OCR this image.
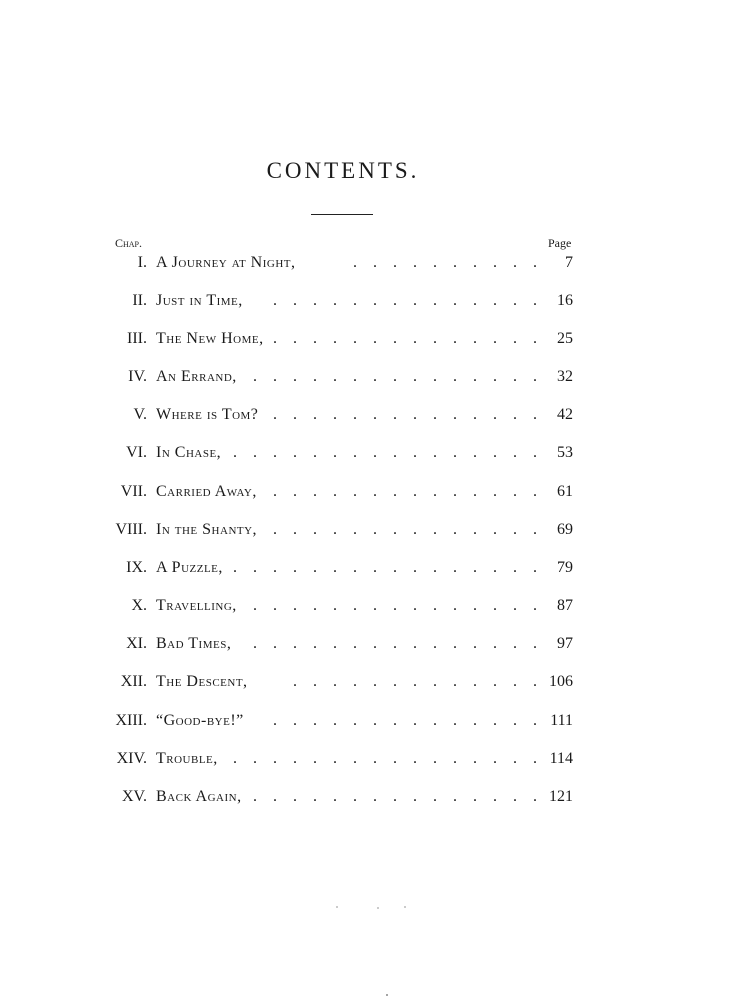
CONTENTS.
Chap.	Page
I. A Journey at Night,	. . . . . . . . . . 7
II. Just in Time, . . . . . . . . . . . . . . 16
III. The New Home, . . . . . . . . . . . . . . 25
IV. An Errand, . . . . . . . . . . . . . . . 32
V. Where is Tom? . . . . . . . . . . . . . . 42
VI. In Chase, . . . . . . . . . . . . . . . . 53
VII. Carried Away, . . . . . . . . . . . . . . 61
VIII. In the Shanty, . . . . . . . . . . . . . . 69
IX. A Puzzle, . . . . . . . . . . . . . . . . 79
X. Travelling, . . . . . . . . . . . . . . . 87
XI. Bad Times, . . . . . . . . . . . . . . . 97
XII. The Descent,	. . . . . . . . . . . . . 106
XIII. “Good-bye!” . . . . . . . . . . . . . . 111
XIV. Trouble, . . . . . . . . . . . . . . . . 114
XV. Back Again, . . . . . . . . . . . . . . . 121
